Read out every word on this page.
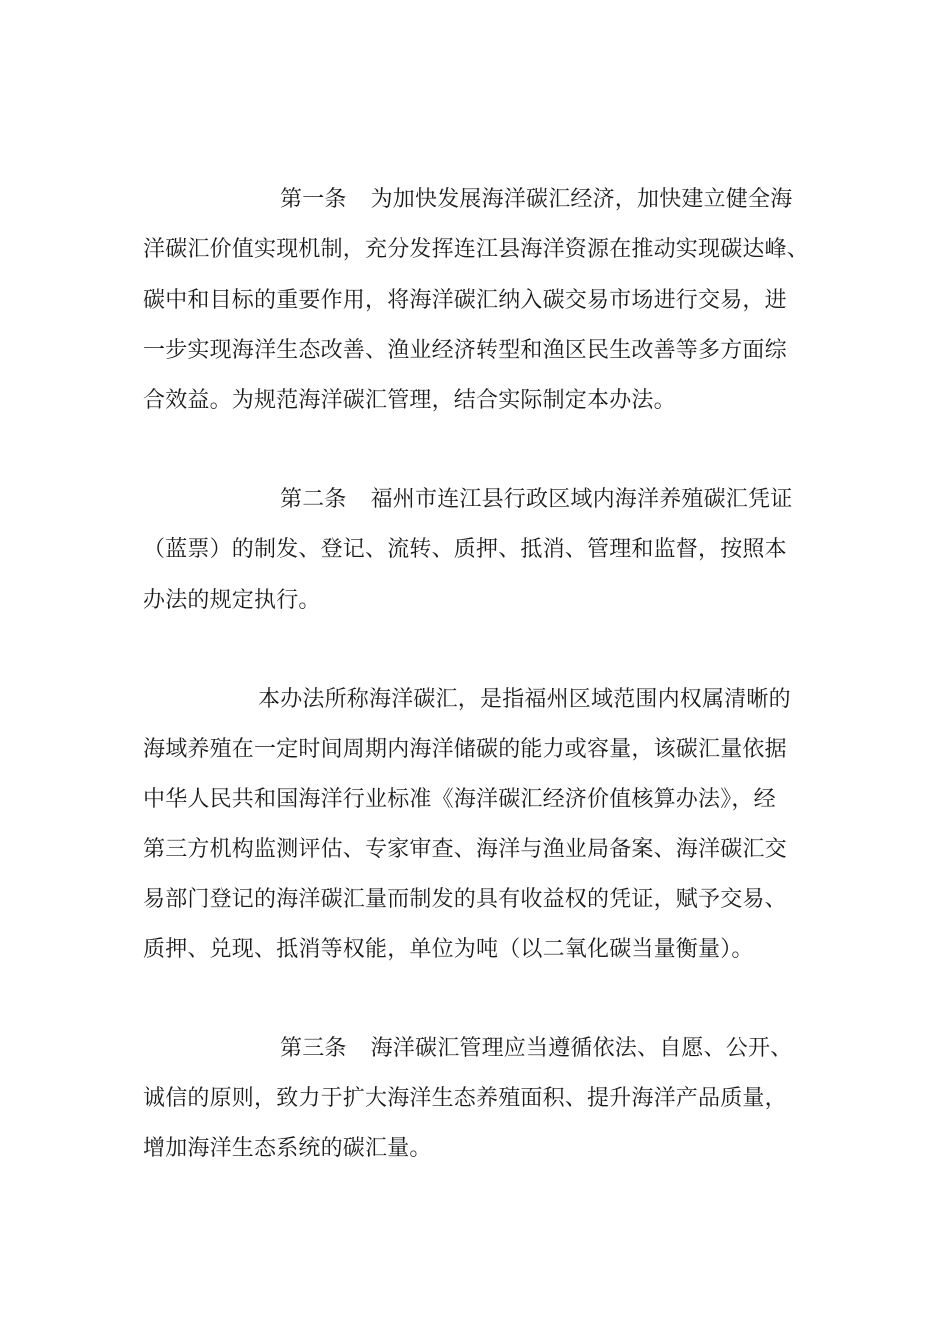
第一条 为加快发展海洋碳汇经济，加快建立健全海
洋碳汇价值实现机制，充分发挥连江县海洋资源在推动实现碳达峰、
碳中和目标的重要作用，将海洋碳汇纳入碳交易市场进行交易，进
一步实现海洋生态改善、渔业经济转型和渔区民生改善等多方面综
合效益。为规范海洋碳汇管理，结合实际制定本办法。
第二条 福州市连江县行政区域内海洋养殖碳汇凭证
（蓝票）的制发、登记、流转、质押、抵消、管理和监督，按照本
办法的规定执行。
本办法所称海洋碳汇，是指福州区域范围内权属清晰的
海域养殖在一定时间周期内海洋储碳的能力或容量，该碳汇量依据
中华人民共和国海洋行业标准《海洋碳汇经济价值核算办法》，经
第三方机构监测评估、专家审查、海洋与渔业局备案、海洋碳汇交
易部门登记的海洋碳汇量而制发的具有收益权的凭证，赋予交易、
质押、兑现、抵消等权能，单位为吨（以二氧化碳当量衡量）。
第三条 海洋碳汇管理应当遵循依法、自愿、公开、
诚信的原则，致力于扩大海洋生态养殖面积、提升海洋产品质量，
增加海洋生态系统的碳汇量。
